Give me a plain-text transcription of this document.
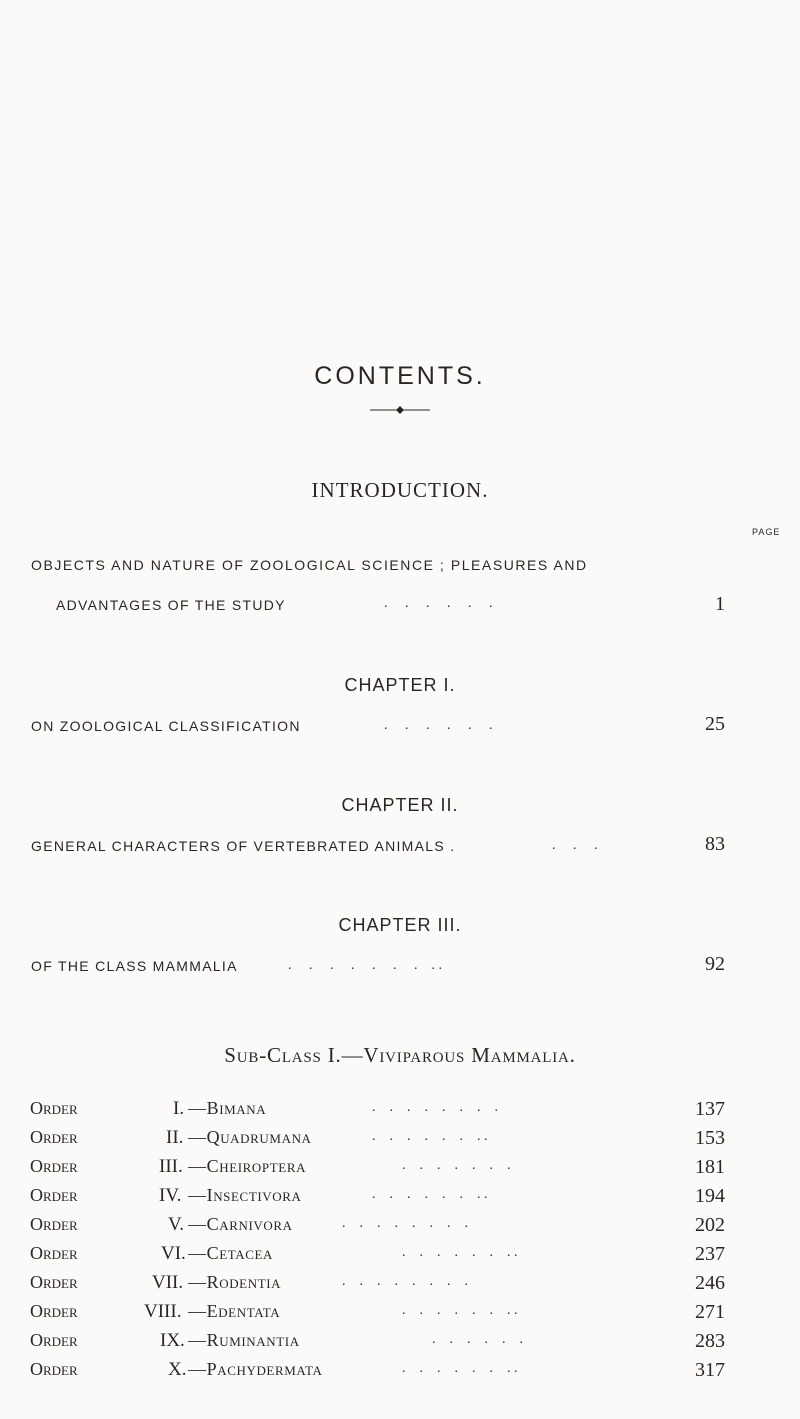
CONTENTS.
INTRODUCTION.
PAGE
OBJECTS AND NATURE OF ZOOLOGICAL SCIENCE ; PLEASURES AND
ADVANTAGES OF THE STUDY	.     .     .     .     .     .	1
CHAPTER I.
ON ZOOLOGICAL CLASSIFICATION	.     .     .     .     .     .	25
CHAPTER II.
GENERAL CHARACTERS OF VERTEBRATED ANIMALS .	.     .     .	83
CHAPTER III.
OF THE CLASS MAMMALIA	.     .     .     .     .     .     .    . .	92
Sub-Class I.—Viviparous Mammalia.
Order	I. —Bimana	.    .    .    .    .    .    .    .	137
Order	II. —Quadrumana	.    .    .    .    .    .    . .	153
Order	III. —Cheiroptera	.    .    .    .    .    .    .	181
Order	IV. —Insectivora	.    .    .    .    .    .    . .	194
Order	V. —Carnivora	.    .    .    .    .    .    .    .	202
Order	VI. —Cetacea	.    .    .    .    .    .    . .	237
Order	VII. —Rodentia	.    .    .    .    .    .    .    .	246
Order	VIII. —Edentata	.    .    .    .    .    .    . .	271
Order	IX. —Ruminantia	.    .    .    .    .    .	283
Order	X. —Pachydermata	.    .    .    .    .    .    . .	317
